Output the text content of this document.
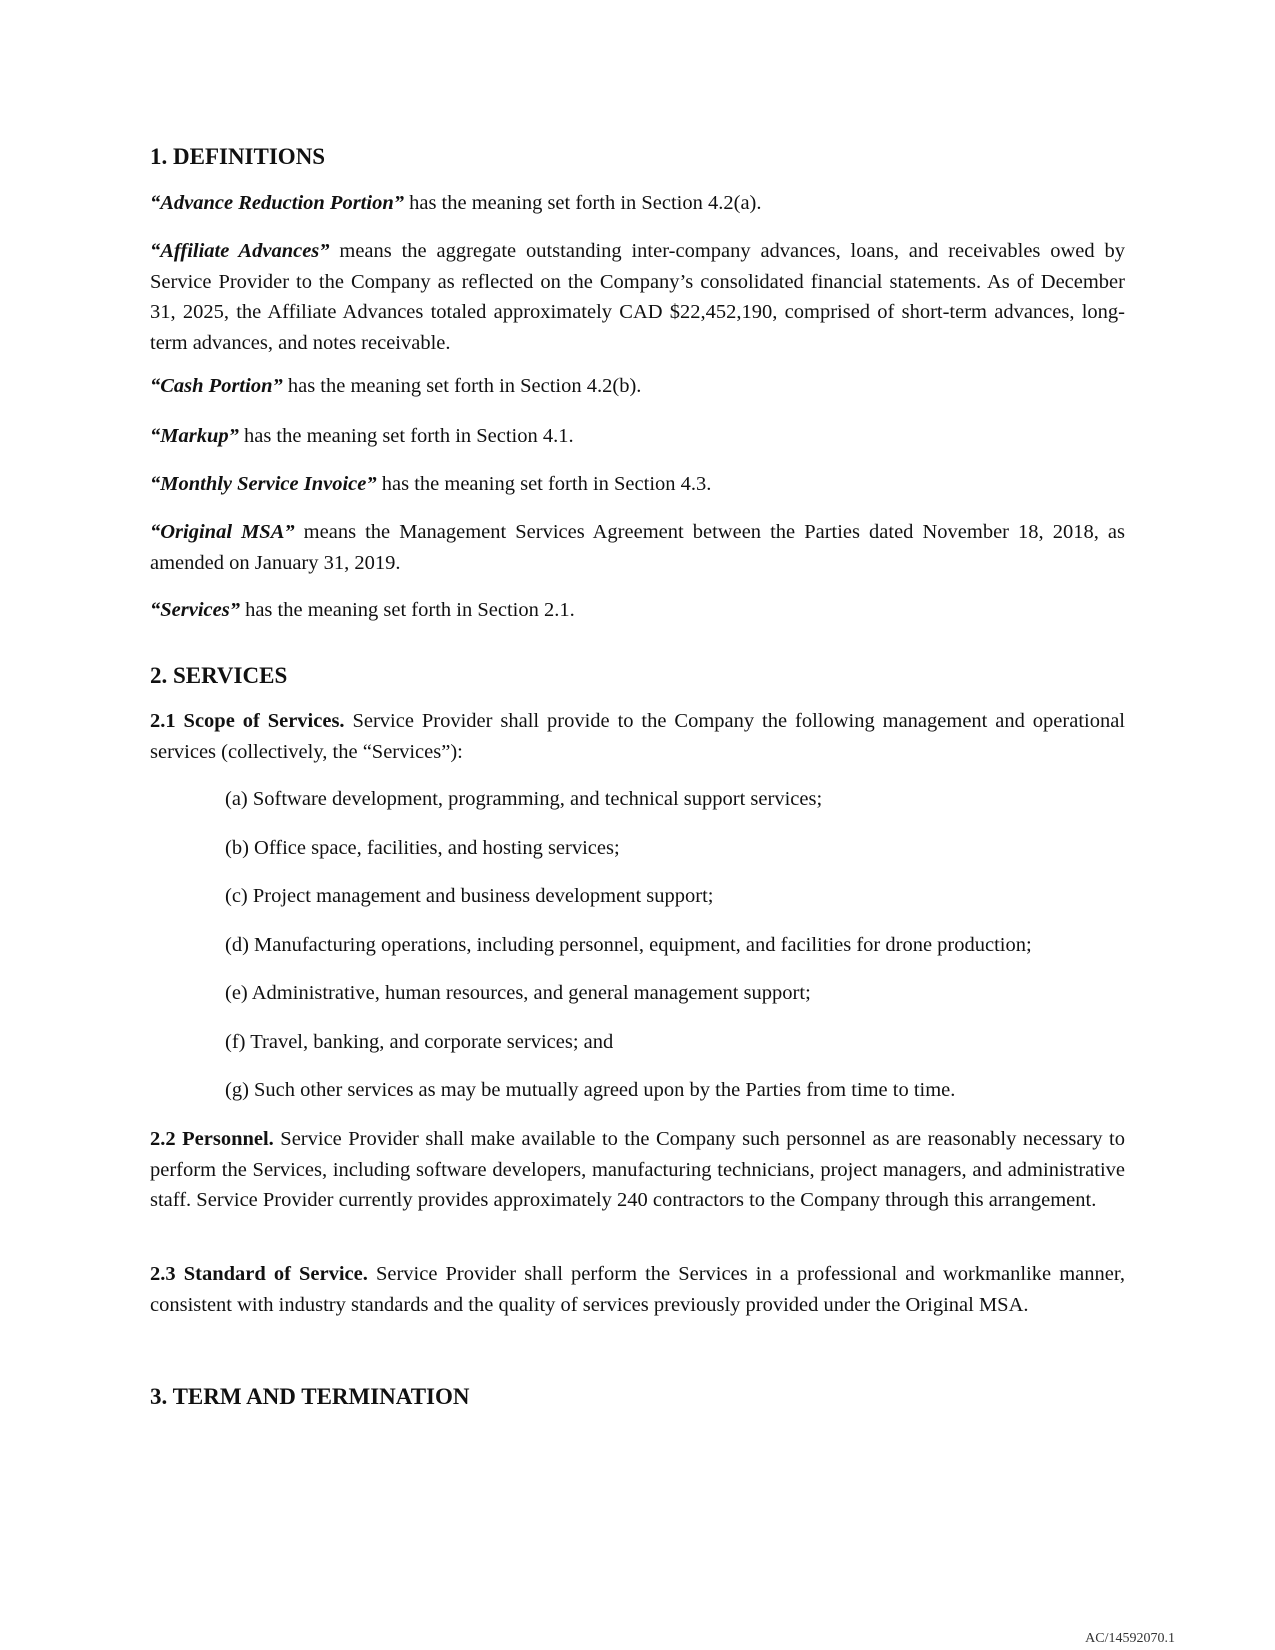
1. DEFINITIONS

“Advance Reduction Portion” has the meaning set forth in Section 4.2(a).

“Affiliate Advances” means the aggregate outstanding inter-company advances, loans, and receivables owed by Service Provider to the Company as reflected on the Company’s consolidated financial statements. As of December 31, 2025, the Affiliate Advances totaled approximately CAD $22,452,190, comprised of short-term advances, long-term advances, and notes receivable.

“Cash Portion” has the meaning set forth in Section 4.2(b).

“Markup” has the meaning set forth in Section 4.1.

“Monthly Service Invoice” has the meaning set forth in Section 4.3.

“Original MSA” means the Management Services Agreement between the Parties dated November 18, 2018, as amended on January 31, 2019.

“Services” has the meaning set forth in Section 2.1.

2. SERVICES

2.1 Scope of Services. Service Provider shall provide to the Company the following management and operational services (collectively, the “Services”):

(a) Software development, programming, and technical support services;

(b) Office space, facilities, and hosting services;

(c) Project management and business development support;

(d) Manufacturing operations, including personnel, equipment, and facilities for drone production;

(e) Administrative, human resources, and general management support;

(f) Travel, banking, and corporate services; and

(g) Such other services as may be mutually agreed upon by the Parties from time to time.

2.2 Personnel. Service Provider shall make available to the Company such personnel as are reasonably necessary to perform the Services, including software developers, manufacturing technicians, project managers, and administrative staff. Service Provider currently provides approximately 240 contractors to the Company through this arrangement.

2.3 Standard of Service. Service Provider shall perform the Services in a professional and workmanlike manner, consistent with industry standards and the quality of services previously provided under the Original MSA.

3. TERM AND TERMINATION
AC/14592070.1
